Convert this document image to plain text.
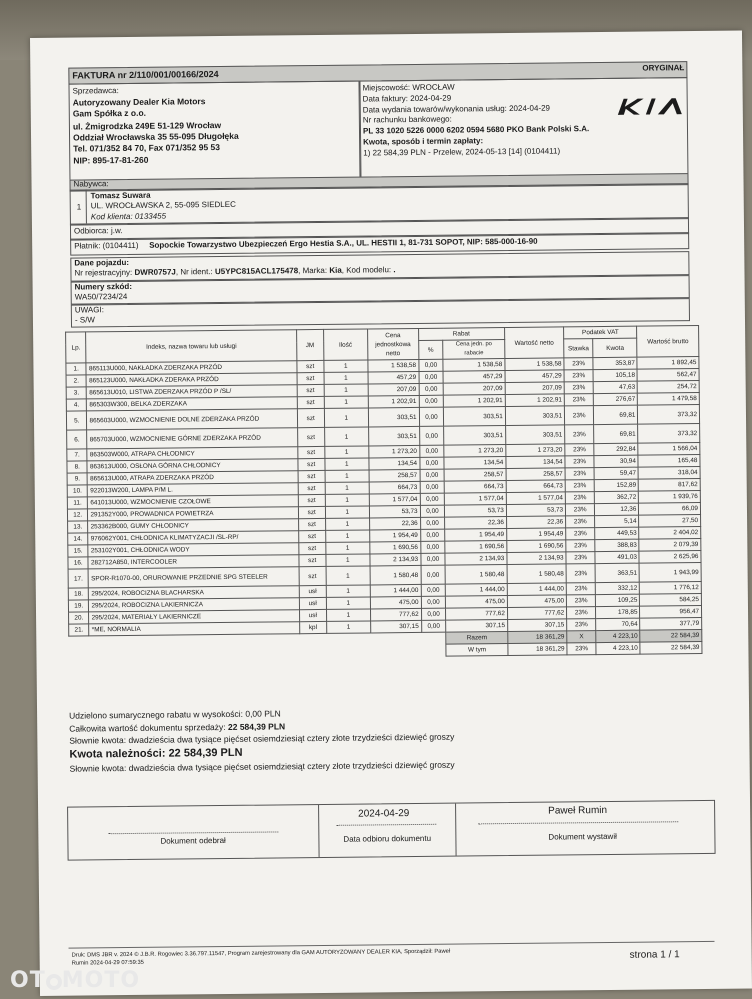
FAKTURA nr 2/110/001/00166/2024
ORYGINAŁ
Sprzedawca:
Autoryzowany Dealer Kia Motors
Gam Spółka z o.o.
ul. Żmigrodzka 249E 51-129 Wrocław
Oddział Wrocławska 35 55-095 Długołęka
Tel. 071/352 84 70, Fax 071/352 95 53
NIP: 895-17-81-260
Miejscowość: WROCŁAW
Data faktury: 2024-04-29
Data wydania towarów/wykonania usług: 2024-04-29
Nr rachunku bankowego:
PL 33 1020 5226 0000 6202 0594 5680 PKO Bank Polski S.A.
Kwota, sposób i termin zapłaty:
1) 22 584,39 PLN - Przelew, 2024-05-13 [14] (0104411)
Nabywca:
1
Tomasz Suwara
UL. WROCŁAWSKA 2, 55-095 SIEDLEC
Kod klienta: 0133455
Odbiorca: j.w.
Płatnik: (0104411) Sopockie Towarzystwo Ubezpieczeń Ergo Hestia S.A., UL. HESTII 1, 81-731 SOPOT, NIP: 585-000-16-90
Dane pojazdu:
Nr rejestracyjny: DWR0757J, Nr ident.: U5YPC815ACL175478, Marka: Kia, Kod modelu: .
Numery szkód:
WA50/7234/24
UWAGI:
- S/W
Lp.	Indeks, nazwa towaru lub usługi	JM	Ilość	Cena jednostkowa netto	Rabat		Wartość netto	Podatek VAT		Wartość brutto
					%	Cena jedn. po rabacie		Stawka	Kwota	
1.	865113U000, NAKŁADKA ZDERZAKA PRZÓD	szt	1	1 538,58	0,00	1 538,58	1 538,58	23%	353,87	1 892,45
2.	865123U000, NAKŁADKA ZDERAKA PRZÓD	szt	1	457,29	0,00	457,29	457,29	23%	105,18	562,47
3.	865613U010, LISTWA ZDERZAKA PRZÓD P /SL/	szt	1	207,09	0,00	207,09	207,09	23%	47,63	254,72
4.	865303W300, BELKA ZDERZAKA	szt	1	1 202,91	0,00	1 202,91	1 202,91	23%	276,67	1 479,58
5.	865603U000, WZMOCNIENIE DOLNE ZDERZAKA PRZÓD	szt	1	303,51	0,00	303,51	303,51	23%	69,81	373,32
6.	865703U000, WZMOCNIENIE GÓRNE ZDERZAKA PRZÓD	szt	1	303,51	0,00	303,51	303,51	23%	69,81	373,32
7.	863503W000, ATRAPA CHŁODNICY	szt	1	1 273,20	0,00	1 273,20	1 273,20	23%	292,84	1 566,04
8.	863613U000, OSŁONA GÓRNA CHŁODNICY	szt	1	134,54	0,00	134,54	134,54	23%	30,94	165,48
9.	865613U000, ATRAPA ZDERZAKA PRZÓD	szt	1	258,57	0,00	258,57	258,57	23%	59,47	318,04
10.	922013W200, LAMPA P/M L.	szt	1	664,73	0,00	664,73	664,73	23%	152,89	817,62
11.	641013U000, WZMOCNIENIE CZOŁOWE	szt	1	1 577,04	0,00	1 577,04	1 577,04	23%	362,72	1 939,76
12.	291352Y000, PROWADNICA POWIETRZA	szt	1	53,73	0,00	53,73	53,73	23%	12,36	66,09
13.	253362B000, GUMY CHŁODNICY	szt	1	22,36	0,00	22,36	22,36	23%	5,14	27,50
14.	976062Y001, CHŁODNICA KLIMATYZACJI /SL-RP/	szt	1	1 954,49	0,00	1 954,49	1 954,49	23%	449,53	2 404,02
15.	253102Y001, CHŁODNICA WODY	szt	1	1 690,56	0,00	1 690,56	1 690,56	23%	388,83	2 079,39
16.	282712A850, INTERCOOLER	szt	1	2 134,93	0,00	2 134,93	2 134,93	23%	491,03	2 625,96
17.	SPOR-R1070-00, ORUROWANIE PRZEDNIE SPG STEELER	szt	1	1 580,48	0,00	1 580,48	1 580,48	23%	363,51	1 943,99
18.	295/2024, ROBOCIZNA BLACHARSKA	usł	1	1 444,00	0,00	1 444,00	1 444,00	23%	332,12	1 776,12
19.	295/2024, ROBOCIZNA LAKIERNICZA	usł	1	475,00	0,00	475,00	475,00	23%	109,25	584,25
20.	295/2024, MATERIAŁY LAKIERNICZE	usł	1	777,62	0,00	777,62	777,62	23%	178,85	956,47
21.	*ME, NORMALIA	kpl	1	307,15	0,00	307,15	307,15	23%	70,64	377,79
						Razem	18 361,29	X	4 223,10	22 584,39
						W tym	18 361,29	23%	4 223,10	22 584,39
Udzielono sumarycznego rabatu w wysokości: 0,00 PLN
Całkowita wartość dokumentu sprzedaży: 22 584,39 PLN
Słownie kwota: dwadzieścia dwa tysiące pięćset osiemdziesiąt cztery złote trzydzieści dziewięć groszy
Kwota należności: 22 584,39 PLN
Słownie kwota: dwadzieścia dwa tysiące pięćset osiemdziesiąt cztery złote trzydzieści dziewięć groszy
Dokument odebrał
2024-04-29
Data odbioru dokumentu
Paweł Rumin
Dokument wystawił
Druk: DMS JBR v. 2024 © J.B.R. Rogowiec 3.36.797.11547, Program zarejestrowany dla GAM AUTORYZOWANY DEALER KIA, Sporządził: Paweł
Rumin 2024-04-29 07:59:35
strona 1 / 1
OT MOTO
